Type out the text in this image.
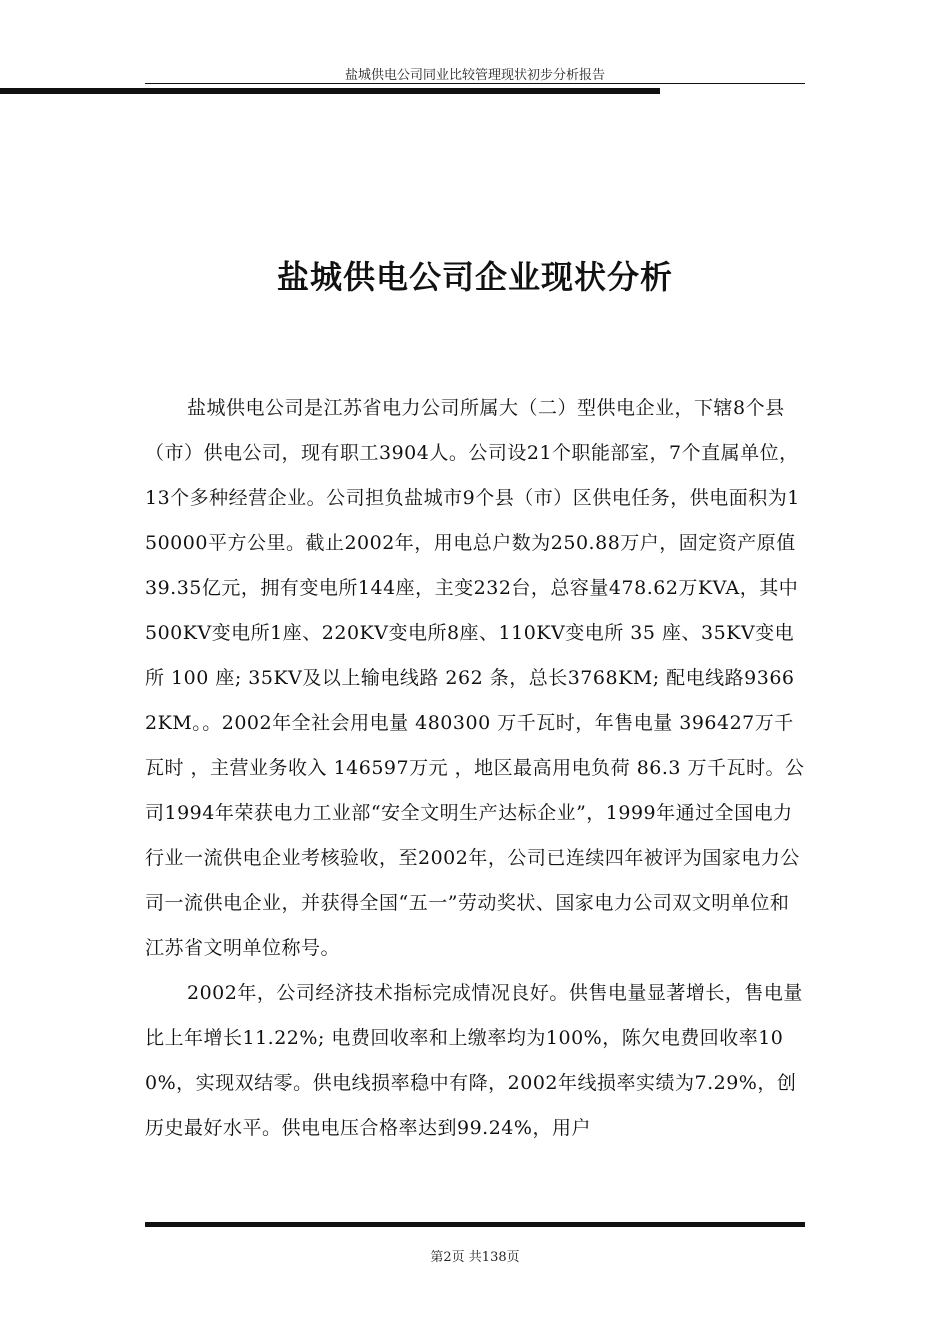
盐城供电公司同业比较管理现状初步分析报告
盐城供电公司企业现状分析

盐城供电公司是江苏省电力公司所属大（二）型供电企业，下辖8个县（市）供电公司，现有职工3904人。公司设21个职能部室，7个直属单位，13个多种经营企业。公司担负盐城市9个县（市）区供电任务，供电面积为150000平方公里。截止2002年，用电总户数为250.88万户，固定资产原值39.35亿元，拥有变电所144座，主变232台，总容量478.62万KVA，其中500KV变电所1座、220KV变电所8座、110KV变电所 35 座、35KV变电所 100 座; 35KV及以上输电线路 262 条，总长3768KM; 配电线路93662KM。。2002年全社会用电量 480300 万千瓦时，年售电量 396427万千瓦时 ，主营业务收入 146597万元 ，地区最高用电负荷 86.3 万千瓦时。公司1994年荣获电力工业部“安全文明生产达标企业”，1999年通过全国电力行业一流供电企业考核验收，至2002年，公司已连续四年被评为国家电力公司一流供电企业，并获得全国“五一”劳动奖状、国家电力公司双文明单位和江苏省文明单位称号。

2002年，公司经济技术指标完成情况良好。供售电量显著增长，售电量比上年增长11.22%; 电费回收率和上缴率均为100%，陈欠电费回收率100%，实现双结零。供电线损率稳中有降，2002年线损率实绩为7.29%，创历史最好水平。供电电压合格率达到99.24%，用户

第2页 共138页
